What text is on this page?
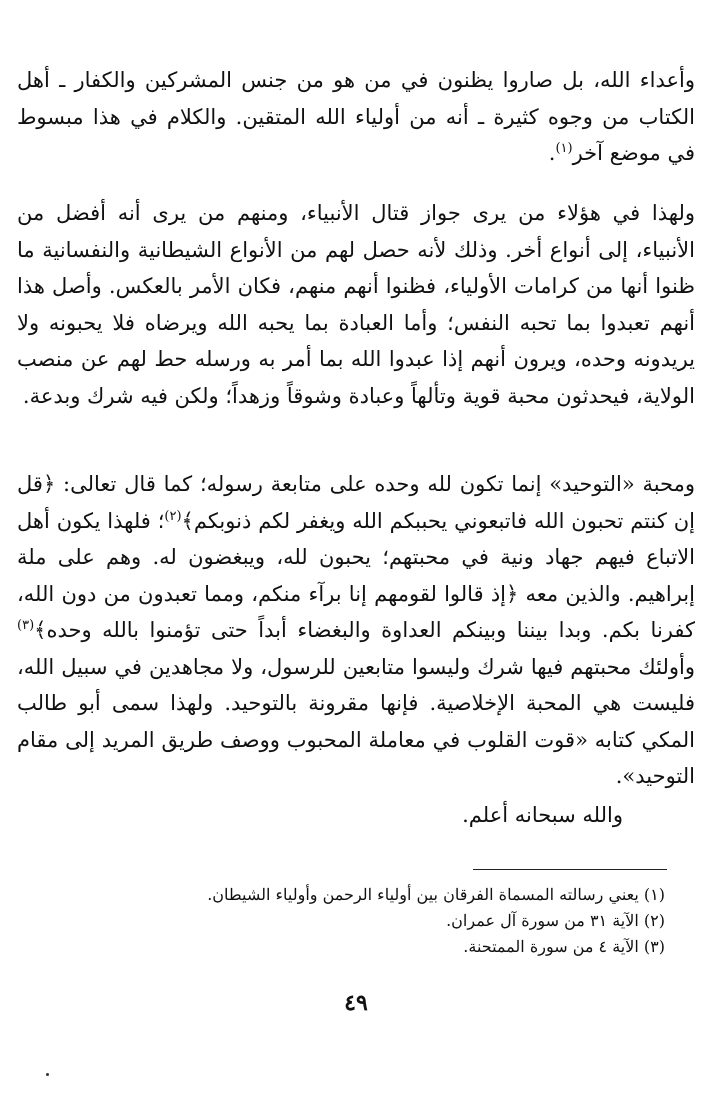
وأعداء الله، بل صاروا يظنون في من هو من جنس المشركين والكفار ـ أهل الكتاب من وجوه كثيرة ـ أنه من أولياء الله المتقين. والكلام في هذا مبسوط في موضع آخر$^{(١)}$.

ولهذا في هؤلاء من يرى جواز قتال الأنبياء، ومنهم من يرى أنه أفضل من الأنبياء، إلى أنواع أخر. وذلك لأنه حصل لهم من الأنواع الشيطانية والنفسانية ما ظنوا أنها من كرامات الأولياء، فظنوا أنهم منهم، فكان الأمر بالعكس. وأصل هذا أنهم تعبدوا بما تحبه النفس؛ وأما العبادة بما يحبه الله ويرضاه فلا يحبونه ولا يريدونه وحده، ويرون أنهم إذا عبدوا الله بما أمر به ورسله حط لهم عن منصب الولاية، فيحدثون محبة قوية وتألهاً وعبادة وشوقاً وزهداً؛ ولكن فيه شرك وبدعة.

ومحبة «التوحيد» إنما تكون لله وحده على متابعة رسوله؛ كما قال تعالى: ﴿قل إن كنتم تحبون الله فاتبعوني يحببكم الله ويغفر لكم ذنوبكم﴾$^{(٢)}$؛ فلهذا يكون أهل الاتباع فيهم جهاد ونية في محبتهم؛ يحبون لله، ويبغضون له. وهم على ملة إبراهيم. والذين معه ﴿إذ قالوا لقومهم إنا برآء منكم، ومما تعبدون من دون الله، كفرنا بكم. وبدا بيننا وبينكم العداوة والبغضاء أبداً حتى تؤمنوا بالله وحده﴾$^{(٣)}$ وأولئك محبتهم فيها شرك وليسوا متابعين للرسول، ولا مجاهدين في سبيل الله، فليست هي المحبة الإخلاصية. فإنها مقرونة بالتوحيد. ولهذا سمى أبو طالب المكي كتابه «قوت القلوب في معاملة المحبوب ووصف طريق المريد إلى مقام التوحيد».

والله سبحانه أعلم.

(١) يعني رسالته المسماة الفرقان بين أولياء الرحمن وأولياء الشيطان.

(٢) الآية ٣١ من سورة آل عمران.

(٣) الآية ٤ من سورة الممتحنة.

٤٩
